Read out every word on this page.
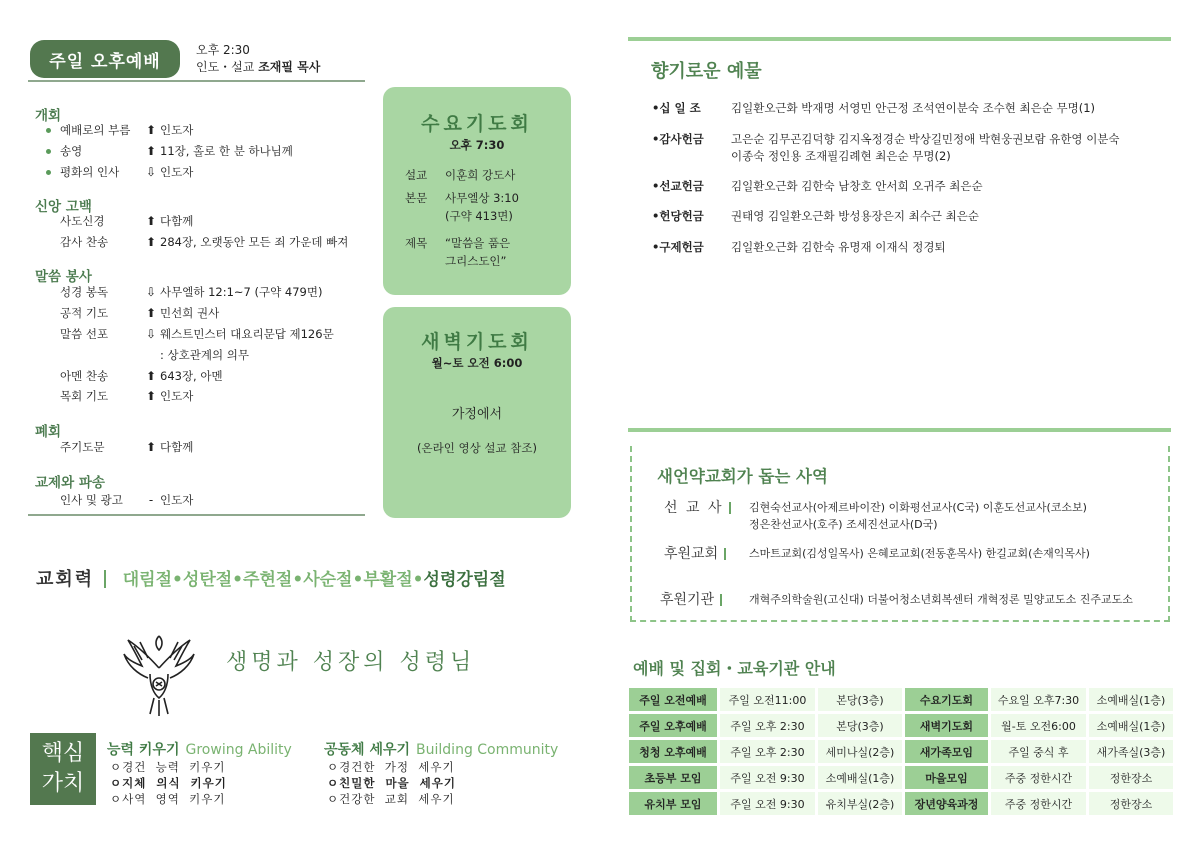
주일 오후예배
오후 2:30
인도・설교 조재필 목사
개회
예배로의 부름 ⬆ 인도자
송영	⬆ 11장, 홀로 한 분 하나님께
평화의 인사 ⇩ 인도자
신앙 고백
사도신경	⬆ 다함께
감사 찬송	⬆ 284장, 오랫동안 모든 죄 가운데 빠져
말씀 봉사
성경 봉독	⇩ 사무엘하 12:1~7 (구약 479면)
공적 기도	⬆ 민선희 권사
말씀 선포	⇩ 웨스트민스터 대요리문답 제126문
: 상호관계의 의무
아멘 찬송	⬆ 643장, 아멘
목회 기도	⬆ 인도자
폐회
주기도문	⬆ 다함께
교제와 파송
인사 및 광고	- 인도자
수요기도회
오후 7:30
설교 이훈희 강도사
본문 사무엘상 3:10
(구약 413면)
제목 “말씀을 품은
그리스도인”
새벽기도회
월~토 오전 6:00
가정에서
(온라인 영상 설교 참조)
교회력 대림절•성탄절•주현절•사순절•부활절•성령강림절
생명과 성장의 성령님
핵심
가치
능력 키우기 Growing Ability
ㅇ경건  능력  키우기
ㅇ지체  의식  키우기
ㅇ사역  영역  키우기
공동체 세우기 Building Community
ㅇ경건한  가정  세우기
ㅇ친밀한  마을  세우기
ㅇ건강한  교회  세우기
향기로운 예물
•십 일 조	김일환오근화 박재명 서영민 안근정 조석연이분숙 조수현 최은순 무명(1)
•감사헌금	고은순 김무곤김덕향 김지옥정경순 박상길민정애 박현웅권보람 유한영 이분숙
이종숙 정인용 조재필김례현 최은순 무명(2)
•선교헌금	김일환오근화 김한숙 남창호 안서희 오귀주 최은순
•헌당헌금	권태영 김일환오근화 방성용장은지 최수근 최은순
•구제헌금	김일환오근화 김한숙 유명재 이재식 정경퇴
새언약교회가 돕는 사역
선 교 사	김현숙선교사(아제르바이잔) 이화평선교사(C국) 이훈도선교사(코소보)
정은찬선교사(호주) 조세진선교사(D국)
후원교회	스마트교회(김성일목사) 은혜로교회(전동훈목사) 한길교회(손재익목사)
후원기관	개혁주의학술원(고신대) 더불어청소년회복센터 개혁정론 밀양교도소 진주교도소
예배 및 집회・교육기관 안내
주일 오전예배	주일 오전11:00	본당(3층)	수요기도회	수요일 오후7:30	소예배실(1층)
주일 오후예배	주일 오후 2:30	본당(3층)	새벽기도회	월-토 오전6:00	소예배실(1층)
청청 오후예배	주일 오후 2:30	세미나실(2층)	새가족모임	주일 중식 후	새가족실(3층)
초등부 모임	주일 오전 9:30	소예배실(1층)	마을모임	주중 정한시간	정한장소
유치부 모임	주일 오전 9:30	유치부실(2층)	장년양육과정	주중 정한시간	정한장소
